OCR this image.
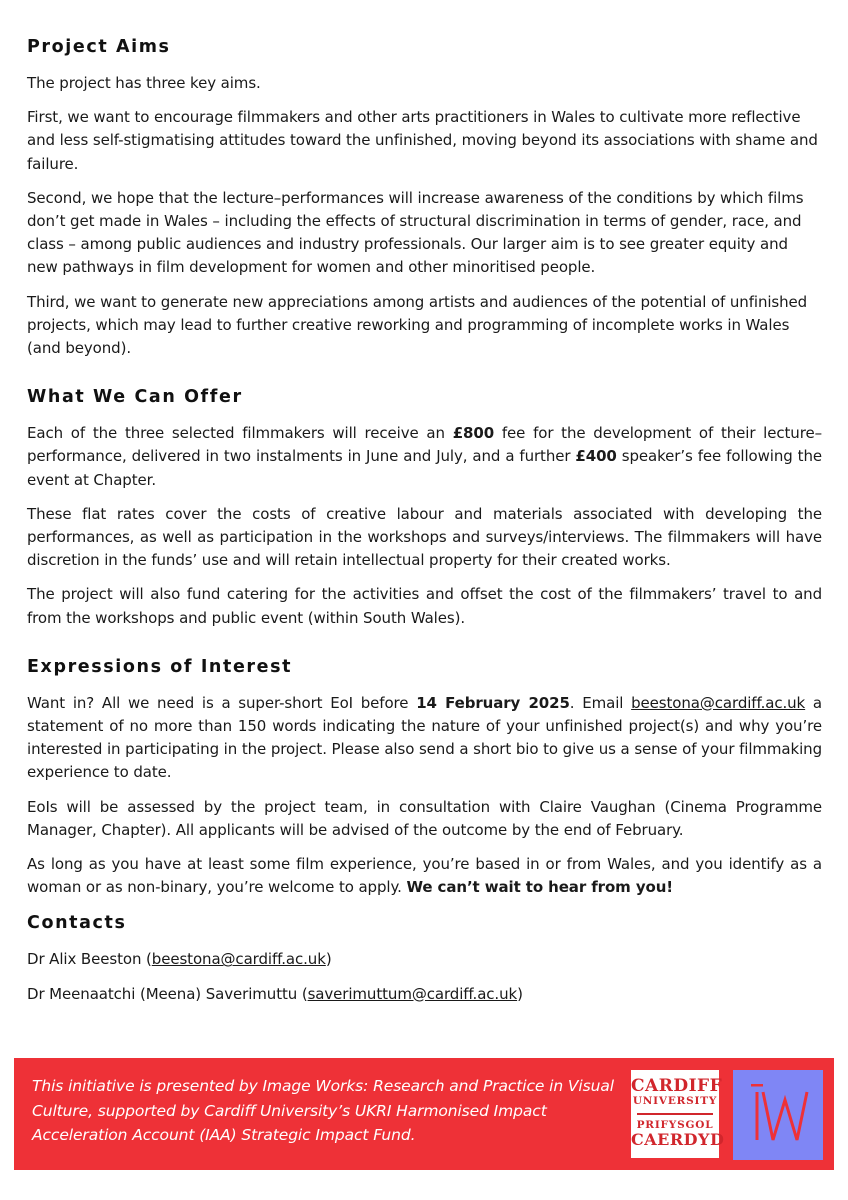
Project Aims

The project has three key aims.

First, we want to encourage filmmakers and other arts practitioners in Wales to cultivate more reflective and less self-stigmatising attitudes toward the unfinished, moving beyond its associations with shame and failure.

Second, we hope that the lecture–performances will increase awareness of the conditions by which films don’t get made in Wales – including the effects of structural discrimination in terms of gender, race, and class – among public audiences and industry professionals. Our larger aim is to see greater equity and new pathways in film development for women and other minoritised people.

Third, we want to generate new appreciations among artists and audiences of the potential of unfinished projects, which may lead to further creative reworking and programming of incomplete works in Wales (and beyond).

What We Can Offer

Each of the three selected filmmakers will receive an £800 fee for the development of their lecture–performance, delivered in two instalments in June and July, and a further £400 speaker’s fee following the event at Chapter.

These flat rates cover the costs of creative labour and materials associated with developing the performances, as well as participation in the workshops and surveys/interviews. The filmmakers will have discretion in the funds’ use and will retain intellectual property for their created works.

The project will also fund catering for the activities and offset the cost of the filmmakers’ travel to and from the workshops and public event (within South Wales).

Expressions of Interest

Want in? All we need is a super-short EoI before 14 February 2025. Email beestona@cardiff.ac.uk a statement of no more than 150 words indicating the nature of your unfinished project(s) and why you’re interested in participating in the project. Please also send a short bio to give us a sense of your filmmaking experience to date.

EoIs will be assessed by the project team, in consultation with Claire Vaughan (Cinema Programme Manager, Chapter). All applicants will be advised of the outcome by the end of February.

As long as you have at least some film experience, you’re based in or from Wales, and you identify as a woman or as non-binary, you’re welcome to apply. We can’t wait to hear from you!

Contacts

Dr Alix Beeston (beestona@cardiff.ac.uk)

Dr Meenaatchi (Meena) Saverimuttu (saverimuttum@cardiff.ac.uk)

This initiative is presented by Image Works: Research and Practice in Visual Culture, supported by Cardiff University’s UKRI Harmonised Impact Acceleration Account (IAA) Strategic Impact Fund.
CARDIFF
UNIVERSITY
PRIFYSGOL
CAERDYD
